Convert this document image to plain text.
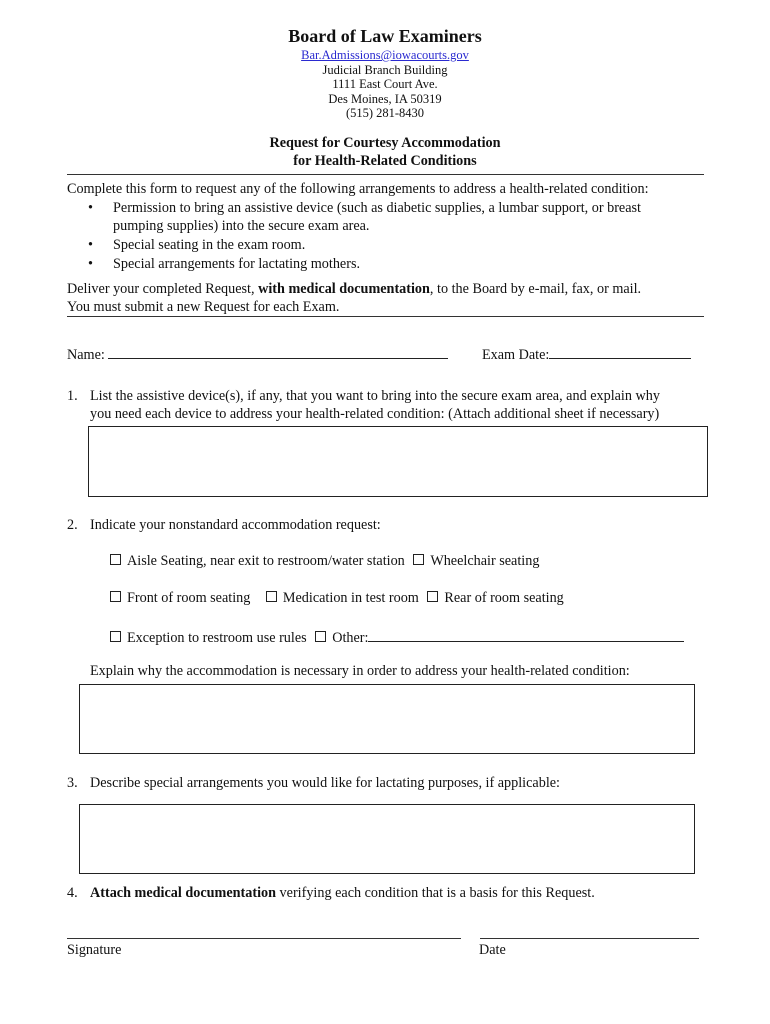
Board of Law Examiners
Bar.Admissions@iowacourts.gov
Judicial Branch Building
1111 East Court Ave.
Des Moines, IA 50319
(515) 281-8430
Request for Courtesy Accommodation
for Health-Related Conditions
Complete this form to request any of the following arrangements to address a health-related condition:
• Permission to bring an assistive device (such as diabetic supplies, a lumbar support, or breast
pumping supplies) into the secure exam area.
• Special seating in the exam room.
• Special arrangements for lactating mothers.
Deliver your completed Request, with medical documentation, to the Board by e-mail, fax, or mail.
You must submit a new Request for each Exam.
Name:	Exam Date:
1. List the assistive device(s), if any, that you want to bring into the secure exam area, and explain why
you need each device to address your health-related condition: (Attach additional sheet if necessary)
2. Indicate your nonstandard accommodation request:
Aisle Seating, near exit to restroom/water station Wheelchair seating
Front of room seating Medication in test room Rear of room seating
Exception to restroom use rules Other:
Explain why the accommodation is necessary in order to address your health-related condition:
3. Describe special arrangements you would like for lactating purposes, if applicable:
4. Attach medical documentation verifying each condition that is a basis for this Request.
Signature	Date
